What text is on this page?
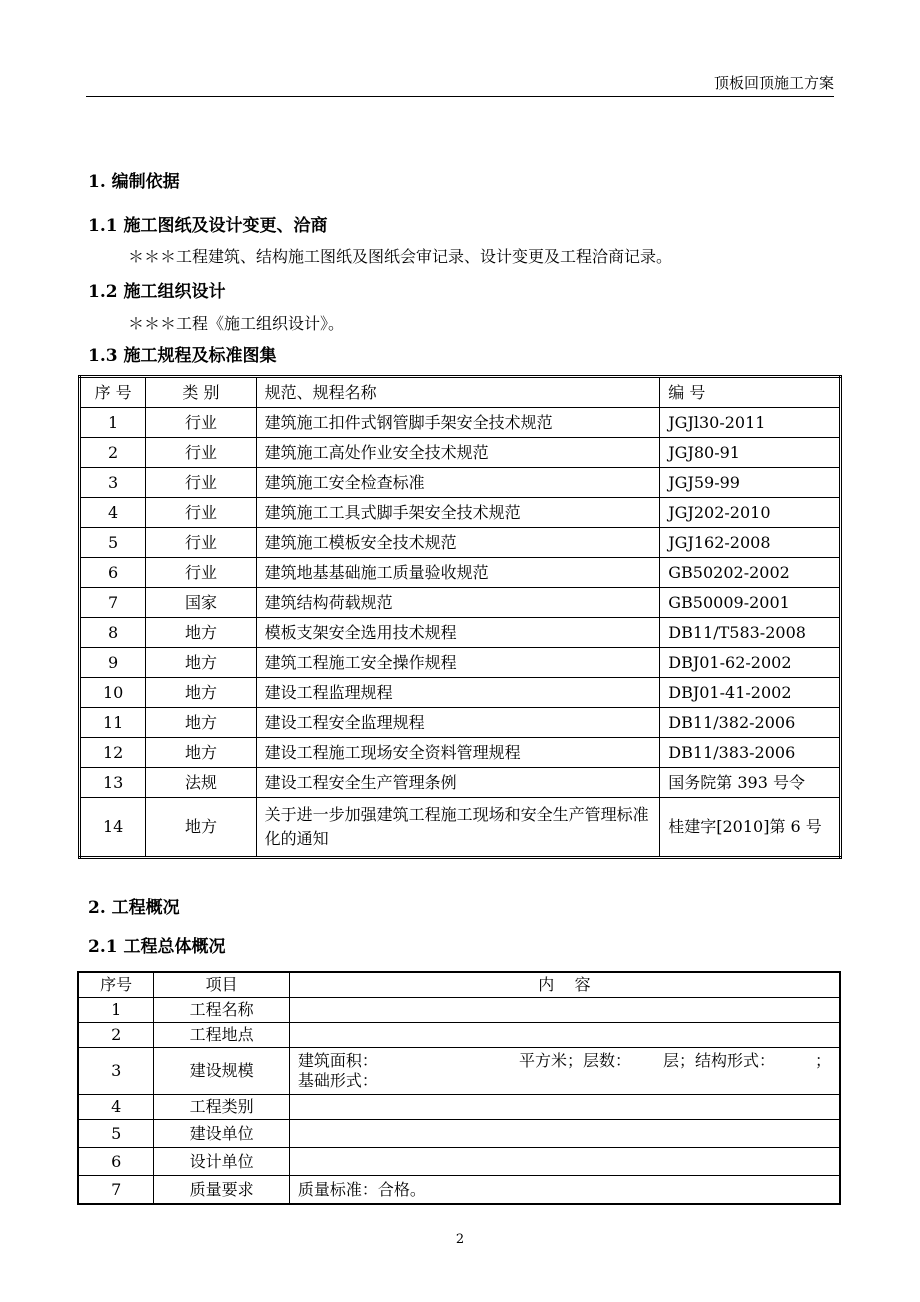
顶板回顶施工方案
1. 编制依据
1.1 施工图纸及设计变更、洽商
＊＊＊工程建筑、结构施工图纸及图纸会审记录、设计变更及工程洽商记录。
1.2 施工组织设计
＊＊＊工程《施工组织设计》。
1.3 施工规程及标准图集
序 号	类 别	规范、规程名称	编 号
1	行业	建筑施工扣件式钢管脚手架安全技术规范	JGJl30-2011
2	行业	建筑施工高处作业安全技术规范	JGJ80-91
3	行业	建筑施工安全检查标准	JGJ59-99
4	行业	建筑施工工具式脚手架安全技术规范	JGJ202-2010
5	行业	建筑施工模板安全技术规范	JGJ162-2008
6	行业	建筑地基基础施工质量验收规范	GB50202-2002
7	国家	建筑结构荷载规范	GB50009-2001
8	地方	模板支架安全选用技术规程	DB11/T583-2008
9	地方	建筑工程施工安全操作规程	DBJ01-62-2002
10	地方	建设工程监理规程	DBJ01-41-2002
11	地方	建设工程安全监理规程	DB11/382-2006
12	地方	建设工程施工现场安全资料管理规程	DB11/383-2006
13	法规	建设工程安全生产管理条例	国务院第 393 号令
14	地方	关于进一步加强建筑工程施工现场和安全生产管理标准化的通知	桂建字[2010]第 6 号
2. 工程概况
2.1 工程总体概况
序号	项目	内    容
1	工程名称	
2	工程地点	
3	建设规模	建筑面积： 平方米；层数： 层；结构形式： ；
基础形式：

4	工程类别	
5	建设单位	
6	设计单位	
7	质量要求	质量标准：合格。
2
